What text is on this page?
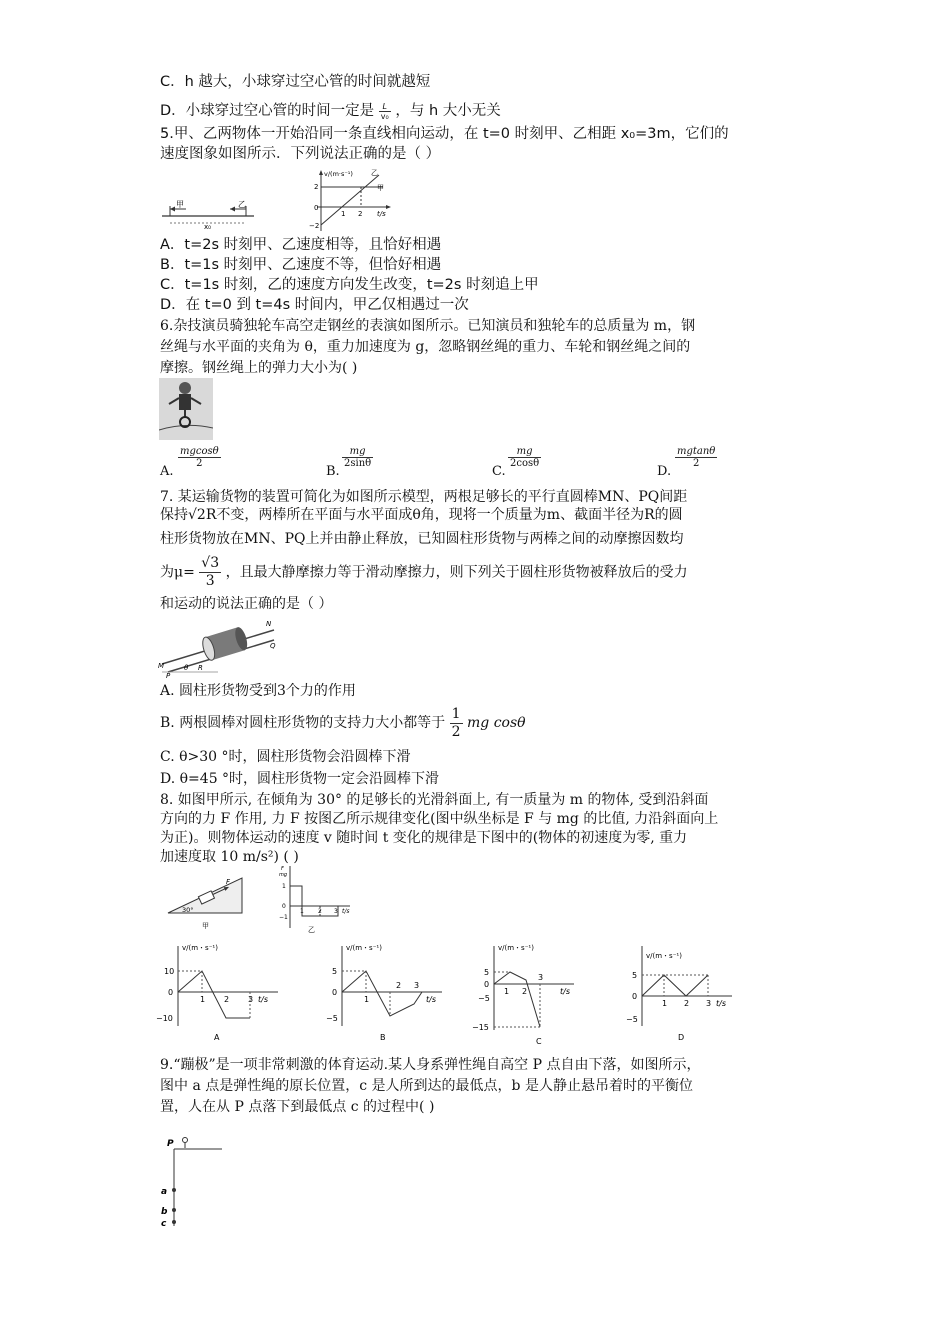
C．h 越大，小球穿过空心管的时间就越短
D．小球穿过空心管的时间一定是 $\frac{L}{\text{v₀}}$ ，与 h 大小无关
5.甲、乙两物体一开始沿同一条直线相向运动，在 t=0 时刻甲、乙相距 x₀=3m，它们的
速度图象如图所示．下列说法正确的是（ ）
甲	乙
x₀
v/(m·s⁻¹)
t/s
2
0
−2
1 2
乙
甲
A．t=2s 时刻甲、乙速度相等，且恰好相遇
B．t=1s 时刻甲、乙速度不等，但恰好相遇
C．t=1s 时刻，乙的速度方向发生改变，t=2s 时刻追上甲
D．在 t=0 到 t=4s 时间内，甲乙仅相遇过一次
6.杂技演员骑独轮车高空走钢丝的表演如图所示。已知演员和独轮车的总质量为 m，钢
丝绳与水平面的夹角为 θ，重力加速度为 g，忽略钢丝绳的重力、车轮和钢丝绳之间的
摩擦。钢丝绳上的弹力大小为( )
A.
$\frac{mgcos\theta}{2}$
B.
$\frac{mg}{2\sin\theta}$
C.
$\frac{mg}{2\cos\theta}$
D.
$\frac{mgtan\theta}{2}$
7. 某运输货物的装置可简化为如图所示模型，两根足够长的平行直圆棒MN、PQ间距
保持√2R不变，两棒所在平面与水平面成θ角，现将一个质量为m、截面半径为R的圆
柱形货物放在MN、PQ上并由静止释放，已知圆柱形货物与两棒之间的动摩擦因数均
为$\mu= \frac{√3}{3}$ ，且最大静摩擦力等于滑动摩擦力，则下列关于圆柱形货物被释放后的受力
和运动的说法正确的是（ ）
M
N
P
Q
θ R
A. 圆柱形货物受到3个力的作用
B. 两根圆棒对圆柱形货物的支持力大小都等于 $\frac{1}{2}$ mg cosθ
C. θ>30 °时，圆柱形货物会沿圆棒下滑
D. θ=45 °时，圆柱形货物一定会沿圆棒下滑
8. 如图甲所示, 在倾角为 30° 的足够长的光滑斜面上, 有一质量为 m 的物体, 受到沿斜面
方向的力 F 作用, 力 F 按图乙所示规律变化(图中纵坐标是 F 与 mg 的比值, 力沿斜面向上
为正)。则物体运动的速度 v 随时间 t 变化的规律是下图中的(物体的初速度为零, 重力
加速度取 10 m/s²) ( )
F
30°
甲
F
mg
1
0
−1
1 2 3 t/s
乙
v/(m・s⁻¹)
10
0
−10
1 2 3 t/s
A
v/(m・s⁻¹)
5
0
−5
1
2 3
t/s
B
v/(m・s⁻¹)
5
0
−5
−15
1 2
3
t/s
C
v/(m・s⁻¹)
5
0
−5
1 2 3 t/s
D
9.“蹦极”是一项非常刺激的体育运动.某人身系弹性绳自高空 P 点自由下落，如图所示，
图中 a 点是弹性绳的原长位置，c 是人所到达的最低点，b 是人静止悬吊着时的平衡位
置，人在从 P 点落下到最低点 c 的过程中( )
P
a
b
c
